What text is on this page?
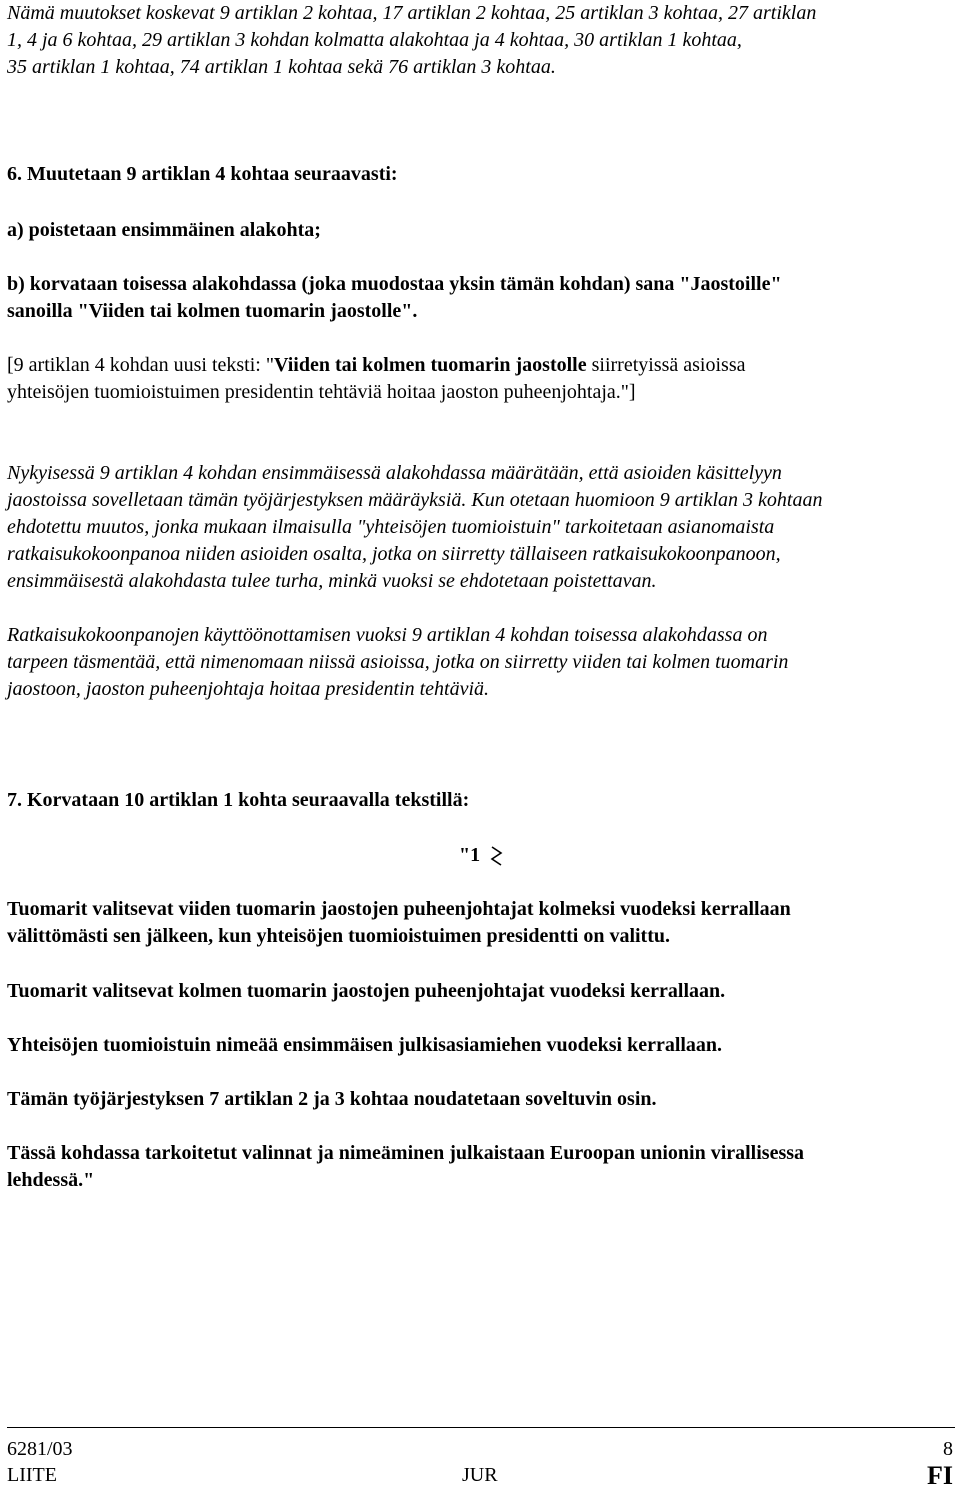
Nämä muutokset koskevat 9 artiklan 2 kohtaa, 17 artiklan 2 kohtaa, 25 artiklan 3 kohtaa, 27 artiklan
1, 4 ja 6 kohtaa, 29 artiklan 3 kohdan kolmatta alakohtaa ja 4 kohtaa, 30 artiklan 1 kohtaa,
35 artiklan 1 kohtaa, 74 artiklan 1 kohtaa sekä 76 artiklan 3 kohtaa.
6. Muutetaan 9 artiklan 4 kohtaa seuraavasti:
a) poistetaan ensimmäinen alakohta;
b) korvataan toisessa alakohdassa (joka muodostaa yksin tämän kohdan) sana "Jaostoille"
sanoilla "Viiden tai kolmen tuomarin jaostolle".
[9 artiklan 4 kohdan uusi teksti: "Viiden tai kolmen tuomarin jaostolle siirretyissä asioissa
yhteisöjen tuomioistuimen presidentin tehtäviä hoitaa jaoston puheenjohtaja."]
Nykyisessä 9 artiklan 4 kohdan ensimmäisessä alakohdassa määrätään, että asioiden käsittelyyn
jaostoissa sovelletaan tämän työjärjestyksen määräyksiä. Kun otetaan huomioon 9 artiklan 3 kohtaan
ehdotettu muutos, jonka mukaan ilmaisulla "yhteisöjen tuomioistuin" tarkoitetaan asianomaista
ratkaisukokoonpanoa niiden asioiden osalta, jotka on siirretty tällaiseen ratkaisukokoonpanoon,
ensimmäisestä alakohdasta tulee turha, minkä vuoksi se ehdotetaan poistettavan.
Ratkaisukokoonpanojen käyttöönottamisen vuoksi 9 artiklan 4 kohdan toisessa alakohdassa on
tarpeen täsmentää, että nimenomaan niissä asioissa, jotka on siirretty viiden tai kolmen tuomarin
jaostoon, jaoston puheenjohtaja hoitaa presidentin tehtäviä.
7. Korvataan 10 artiklan 1 kohta seuraavalla tekstillä:
"1
Tuomarit valitsevat viiden tuomarin jaostojen puheenjohtajat kolmeksi vuodeksi kerrallaan
välittömästi sen jälkeen, kun yhteisöjen tuomioistuimen presidentti on valittu.
Tuomarit valitsevat kolmen tuomarin jaostojen puheenjohtajat vuodeksi kerrallaan.
Yhteisöjen tuomioistuin nimeää ensimmäisen julkisasiamiehen vuodeksi kerrallaan.
Tämän työjärjestyksen 7 artiklan 2 ja 3 kohtaa noudatetaan soveltuvin osin.
Tässä kohdassa tarkoitetut valinnat ja nimeäminen julkaistaan Euroopan unionin virallisessa
lehdessä."
6281/03
LIITE	JUR
8
FI
